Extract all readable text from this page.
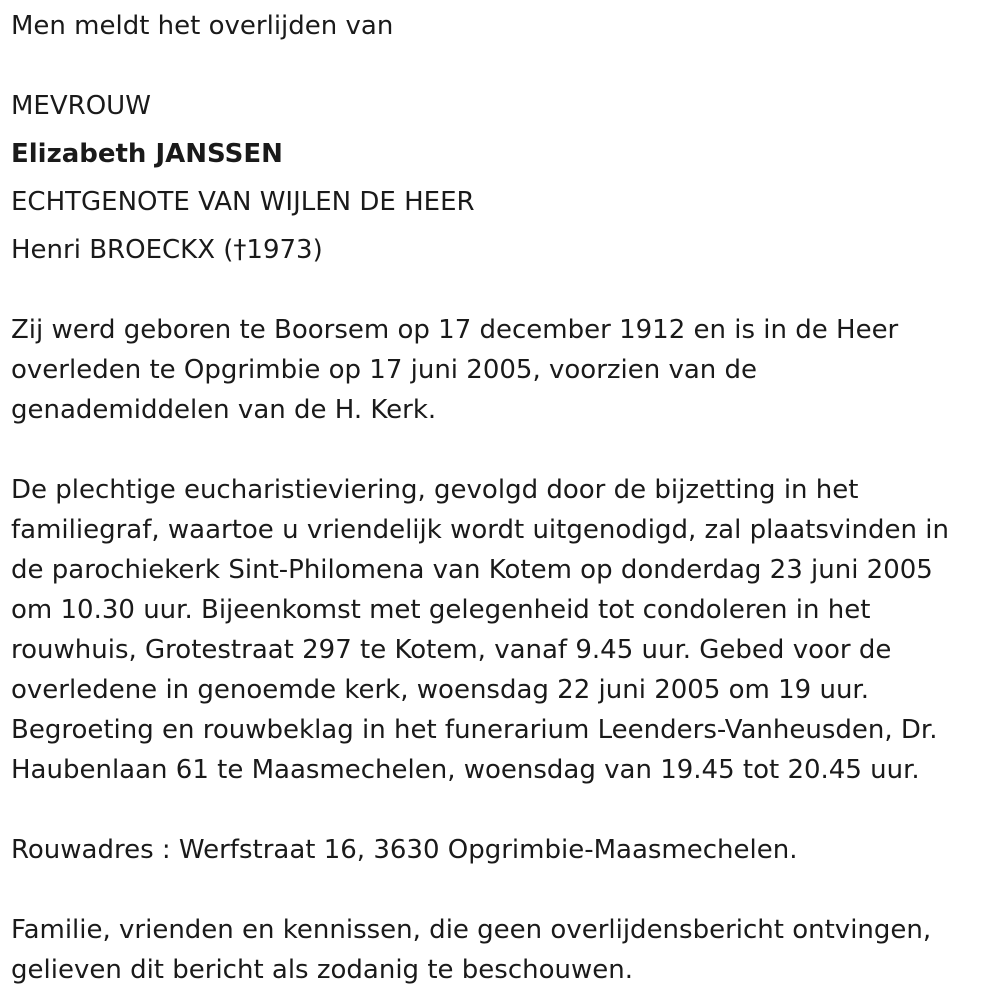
Men meldt het overlijden van
MEVROUW
Elizabeth JANSSEN
ECHTGENOTE VAN WIJLEN DE HEER
Henri BROECKX (†1973)
Zij werd geboren te Boorsem op 17 december 1912 en is in de Heer
overleden te Opgrimbie op 17 juni 2005, voorzien van de
genademiddelen van de H. Kerk.
De plechtige eucharistieviering, gevolgd door de bijzetting in het
familiegraf, waartoe u vriendelijk wordt uitgenodigd, zal plaatsvinden in
de parochiekerk Sint-Philomena van Kotem op donderdag 23 juni 2005
om 10.30 uur. Bijeenkomst met gelegenheid tot condoleren in het
rouwhuis, Grotestraat 297 te Kotem, vanaf 9.45 uur. Gebed voor de
overledene in genoemde kerk, woensdag 22 juni 2005 om 19 uur.
Begroeting en rouwbeklag in het funerarium Leenders-Vanheusden, Dr.
Haubenlaan 61 te Maasmechelen, woensdag van 19.45 tot 20.45 uur.
Rouwadres : Werfstraat 16, 3630 Opgrimbie-Maasmechelen.
Familie, vrienden en kennissen, die geen overlijdensbericht ontvingen,
gelieven dit bericht als zodanig te beschouwen.
